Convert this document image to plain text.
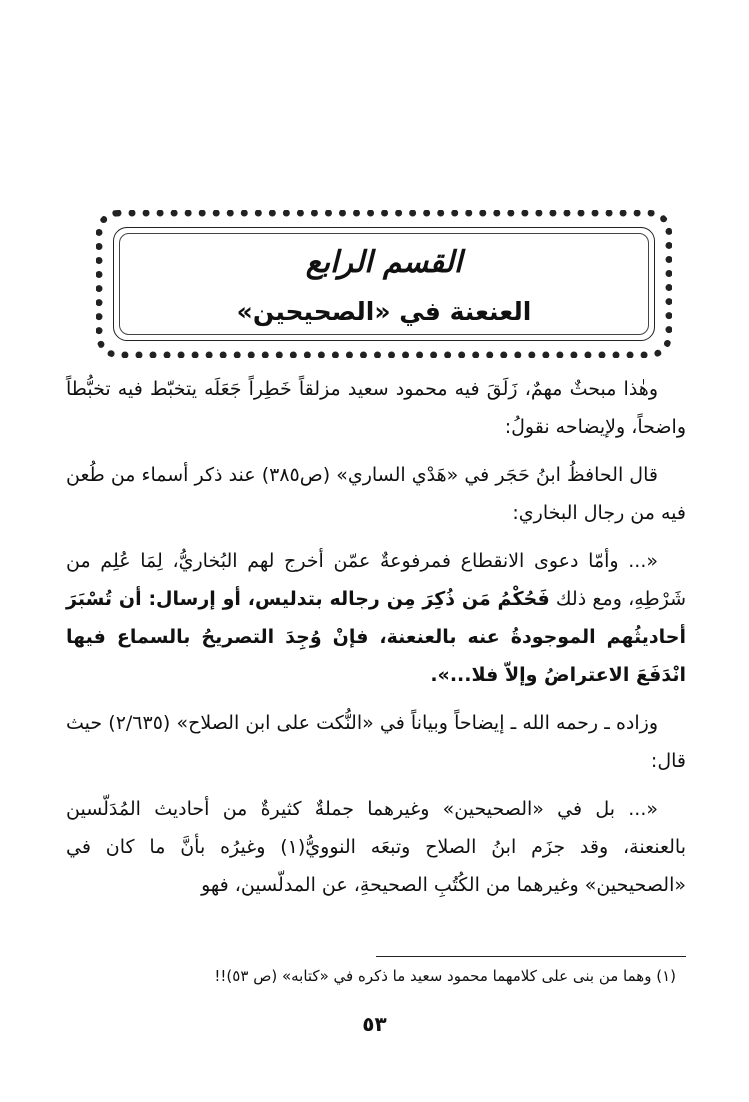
القسم الرابع
العنعنة في «الصحيحين»

وهٰذا مبحثٌ مهمٌ، زَلَقَ فيه محمود سعيد مزلقاً خَطِراً جَعَلَه يتخبّط فيه تخبُّطاً واضحاً، ولإيضاحه نقولُ:

قال الحافظُ ابنُ حَجَر في «هَدْي الساري» (ص٣٨٥) عند ذكر أسماء من طُعن فيه من رجال البخاري:

«... وأمّا دعوى الانقطاع فمرفوعةٌ عمّن أخرج لهم البُخاريُّ، لِمَا عُلِم من شَرْطِهِ، ومع ذلك فَحُكْمُ مَن ذُكِرَ مِن رجاله بتدليس، أو إرسال: أن تُسْبَرَ أحاديثُهم الموجودةُ عنه بالعنعنة، فإنْ وُجِدَ التصريحُ بالسماع فيها انْدَفَعَ الاعتراضُ وإلاّ فلا...».

وزاده ـ رحمه الله ـ إيضاحاً وبياناً في «النُّكت على ابن الصلاح» (٢/٦٣٥) حيث قال:

«... بل في «الصحيحين» وغيرهما جملةٌ كثيرةٌ من أحاديث المُدَلّسين بالعنعنة، وقد جزَم ابنُ الصلاح وتبعَه النوويُّ(١) وغيرُه بأنَّ ما كان في «الصحيحين» وغيرهما من الكُتُبِ الصحيحةِ، عن المدلّسين، فهو

(١) وهما من بنى على كلامهما محمود سعيد ما ذكره في «كتابه» (ص ٥٣)!!
٥٣
